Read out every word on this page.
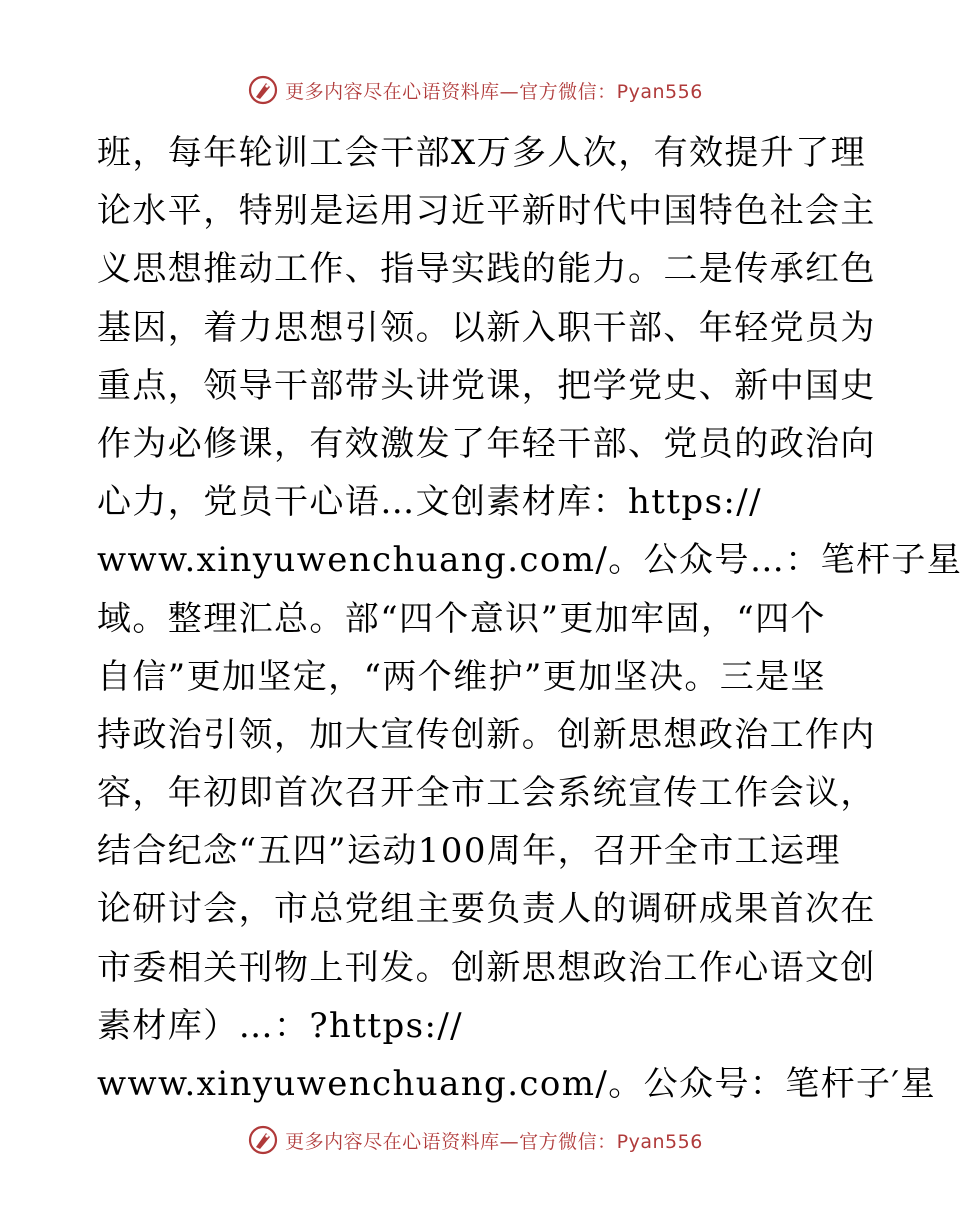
更多内容尽在心语资料库—官方微信：Pyan556
班，每年轮训工会干部X万多人次，有效提升了理
论水平，特别是运用习近平新时代中国特色社会主
义思想推动工作、指导实践的能力。二是传承红色
基因，着力思想引领。以新入职干部、年轻党员为
重点，领导干部带头讲党课，把学党史、新中国史
作为必修课，有效激发了年轻干部、党员的政治向
心力，党员干心语…文创素材库：https://
www.xinyuwenchuang.com/。公众号…：笔杆子星
域。整理汇总。部“四个意识”更加牢固，“四个
自信”更加坚定，“两个维护”更加坚决。三是坚
持政治引领，加大宣传创新。创新思想政治工作内
容，年初即首次召开全市工会系统宣传工作会议，
结合纪念“五四”运动100周年，召开全市工运理
论研讨会，市总党组主要负责人的调研成果首次在
市委相关刊物上刊发。创新思想政治工作心语文创
素材库）…：?https://
www.xinyuwenchuang.com/。公众号：笔杆子′星
更多内容尽在心语资料库—官方微信：Pyan556
